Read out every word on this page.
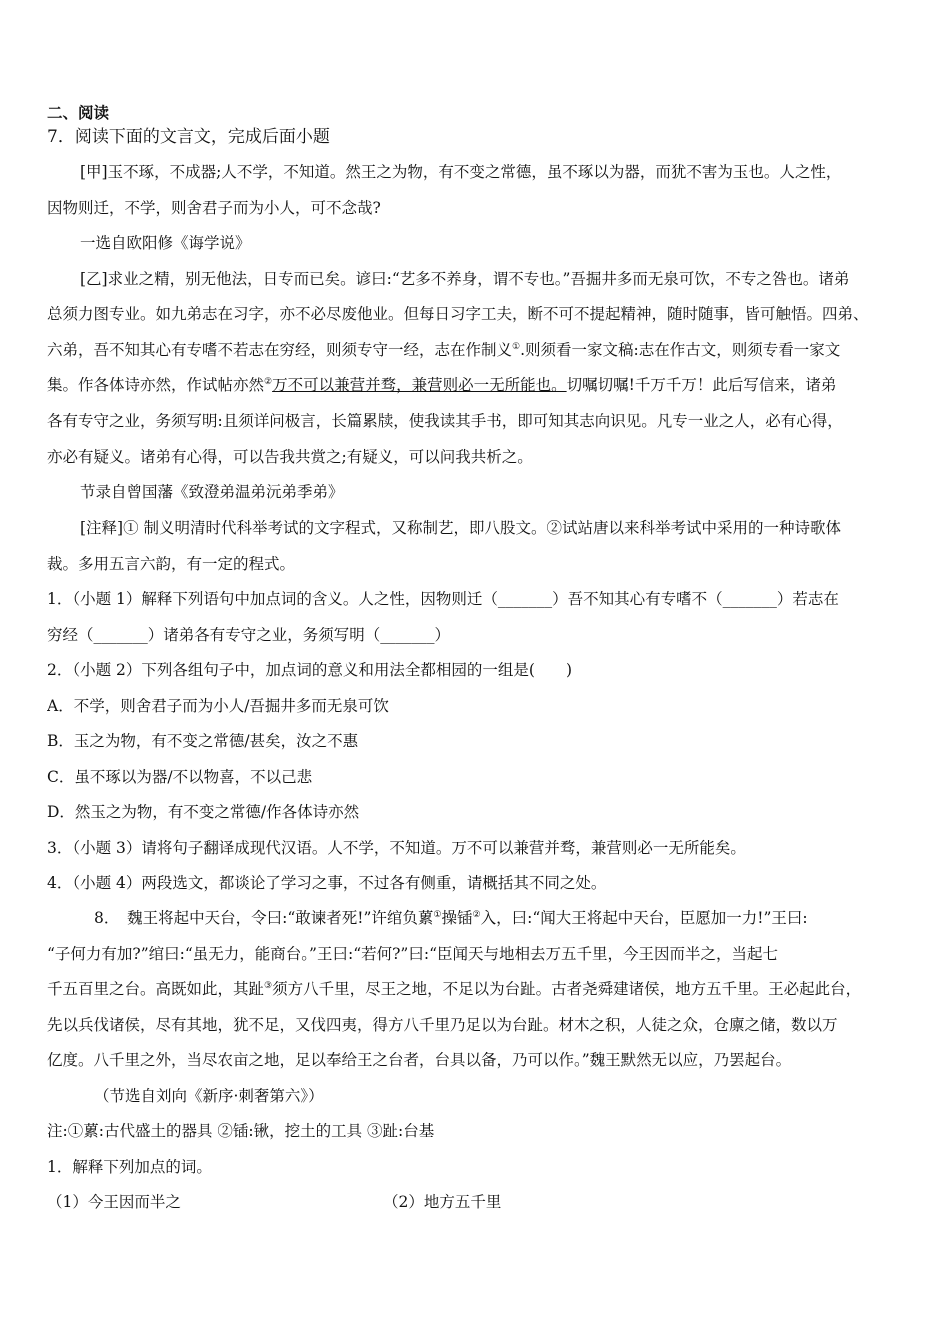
二、阅读
7．阅读下面的文言文，完成后面小题
[甲]玉不琢，不成器;人不学，不知道。然王之为物，有不变之常德，虽不琢以为器，而犹不害为玉也。人之性，
因物则迁，不学，则舍君子而为小人，可不念哉?
一选自欧阳修《诲学说》
[乙]求业之精，别无他法，日专而已矣。谚曰:“艺多不养身，谓不专也。”吾掘井多而无泉可饮，不专之咎也。诸弟
总须力图专业。如九弟志在习字，亦不必尽废他业。但每日习字工夫，断不可不提起精神，随时随事，皆可触悟。四弟、
六弟，吾不知其心有专嗜不若志在穷经，则须专守一经，志在作制义①.则须看一家文稿:志在作古文，则须专看一家文
集。作各体诗亦然，作试帖亦然②万不可以兼营并骛，兼营则必一无所能也。切嘱切嘱!千万千万！此后写信来，诸弟
各有专守之业，务须写明:且须详问极言，长篇累牍，使我读其手书，即可知其志向识见。凡专一业之人，必有心得，
亦必有疑义。诸弟有心得，可以告我共赏之;有疑义，可以问我共析之。
节录自曾国藩《致澄弟温弟沅弟季弟》
[注释]① 制义明清时代科举考试的文字程式，又称制艺，即八股文。②试站唐以来科举考试中采用的一种诗歌体
裁。多用五言六韵，有一定的程式。
1．（小题 1）解释下列语句中加点词的含义。人之性，因物则迁（_______）吾不知其心有专嗜不（_______）若志在
穷经（_______）诸弟各有专守之业，务须写明（_______）
2．（小题 2）下列各组句子中，加点词的意义和用法全都相园的一组是(　　)
A．不学，则舍君子而为小人/吾掘井多而无泉可饮
B．玉之为物，有不变之常德/甚矣，汝之不惠
C．虽不琢以为器/不以物喜，不以己悲
D．然玉之为物，有不变之常德/作各体诗亦然
3．（小题 3）请将句子翻译成现代汉语。人不学，不知道。万不可以兼营并骛，兼营则必一无所能矣。
4．（小题 4）两段选文，都谈论了学习之事，不过各有侧重，请概括其不同之处。
8．　魏王将起中天台，令曰:“敢谏者死!”许绾负蔂①操锸②入，曰:“闻大王将起中天台，臣愿加一力!”王曰:
“子何力有加?”绾曰:“虽无力，能商台。”王曰:“若何?”曰:“臣闻天与地相去万五千里，今王因而半之，当起七
千五百里之台。高既如此，其趾③须方八千里，尽王之地，不足以为台趾。古者尧舜建诸侯，地方五千里。王必起此台，
先以兵伐诸侯，尽有其地，犹不足，又伐四夷，得方八千里乃足以为台趾。材木之积，人徒之众，仓廪之储，数以万
亿度。八千里之外，当尽农亩之地，足以奉给王之台者，台具以备，乃可以作。”魏王默然无以应，乃罢起台。
（节选自刘向《新序·刺奢第六》）
注:①蔂:古代盛土的器具 ②锸:锹，挖土的工具 ③趾:台基
1．解释下列加点的词。
（1）今王因而半之	（2）地方五千里
